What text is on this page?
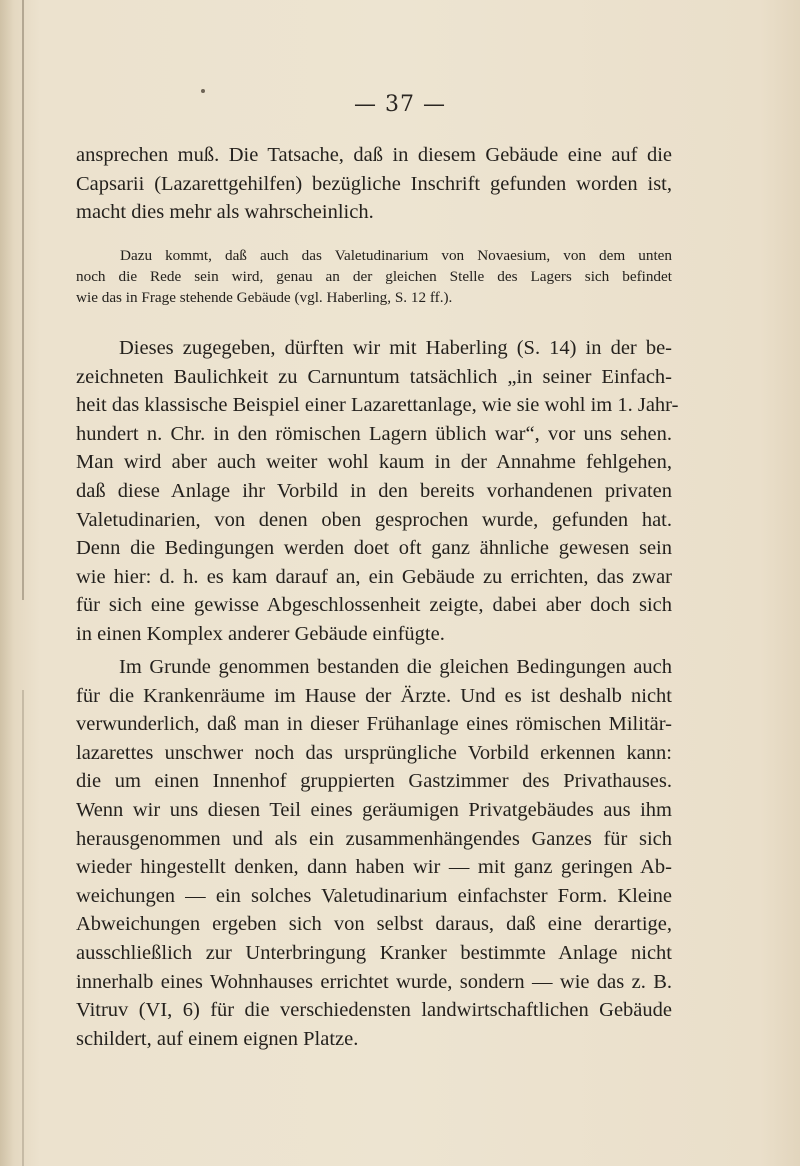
— 37 —
ansprechen muß. Die Tatsache, daß in diesem Gebäude eine auf die
Capsarii (Lazarettgehilfen) bezügliche Inschrift gefunden worden ist,
macht dies mehr als wahrscheinlich.
Dazu kommt, daß auch das Valetudinarium von Novaesium, von dem unten
noch die Rede sein wird, genau an der gleichen Stelle des Lagers sich befindet
wie das in Frage stehende Gebäude (vgl. Haberling, S. 12 ff.).
Dieses zugegeben, dürften wir mit Haberling (S. 14) in der be-
zeichneten Baulichkeit zu Carnuntum tatsächlich „in seiner Einfach-
heit das klassische Beispiel einer Lazarettanlage, wie sie wohl im 1. Jahr-
hundert n. Chr. in den römischen Lagern üblich war“, vor uns sehen.
Man wird aber auch weiter wohl kaum in der Annahme fehlgehen,
daß diese Anlage ihr Vorbild in den bereits vorhandenen privaten
Valetudinarien, von denen oben gesprochen wurde, gefunden hat.
Denn die Bedingungen werden doet oft ganz ähnliche gewesen sein
wie hier: d. h. es kam darauf an, ein Gebäude zu errichten, das zwar
für sich eine gewisse Abgeschlossenheit zeigte, dabei aber doch sich
in einen Komplex anderer Gebäude einfügte.
Im Grunde genommen bestanden die gleichen Bedingungen auch
für die Krankenräume im Hause der Ärzte. Und es ist deshalb nicht
verwunderlich, daß man in dieser Frühanlage eines römischen Militär-
lazarettes unschwer noch das ursprüngliche Vorbild erkennen kann:
die um einen Innenhof gruppierten Gastzimmer des Privathauses.
Wenn wir uns diesen Teil eines geräumigen Privatgebäudes aus ihm
herausgenommen und als ein zusammenhängendes Ganzes für sich
wieder hingestellt denken, dann haben wir — mit ganz geringen Ab-
weichungen — ein solches Valetudinarium einfachster Form. Kleine
Abweichungen ergeben sich von selbst daraus, daß eine derartige,
ausschließlich zur Unterbringung Kranker bestimmte Anlage nicht
innerhalb eines Wohnhauses errichtet wurde, sondern — wie das z. B.
Vitruv (VI, 6) für die verschiedensten landwirtschaftlichen Gebäude
schildert, auf einem eignen Platze.
